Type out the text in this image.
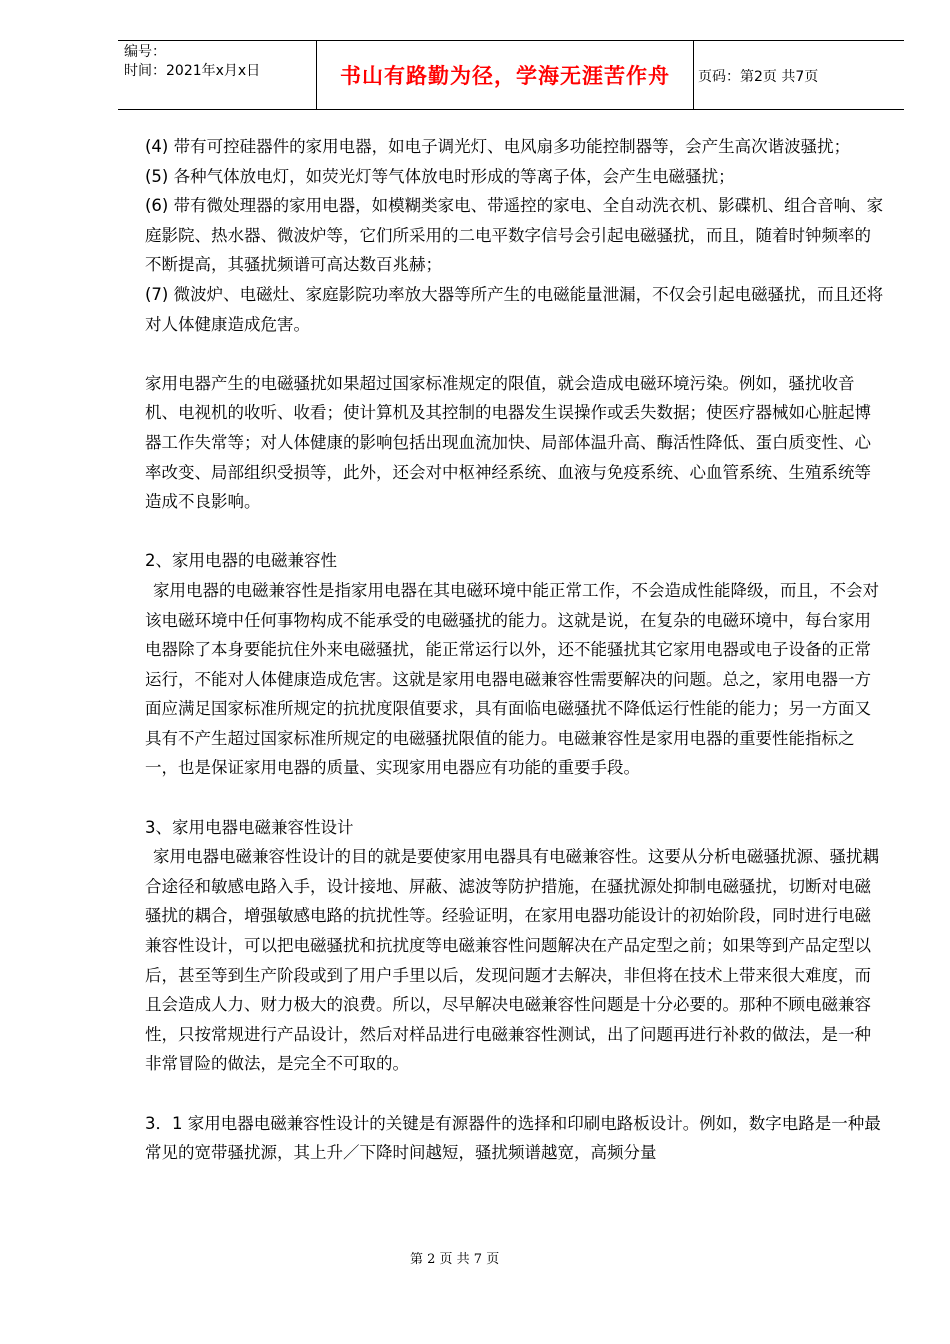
编号：
时间：2021年x月x日	书山有路勤为径，学海无涯苦作舟	页码：第2页 共7页

(4) 带有可控硅器件的家用电器，如电子调光灯、电风扇多功能控制器等，会产生高次谐波骚扰；

(5) 各种气体放电灯，如荧光灯等气体放电时形成的等离子体，会产生电磁骚扰；

(6) 带有微处理器的家用电器，如模糊类家电、带遥控的家电、全自动洗衣机、影碟机、组合音响、家庭影院、热水器、微波炉等，它们所采用的二电平数字信号会引起电磁骚扰，而且，随着时钟频率的不断提高，其骚扰频谱可高达数百兆赫；

(7) 微波炉、电磁灶、家庭影院功率放大器等所产生的电磁能量泄漏，不仅会引起电磁骚扰，而且还将对人体健康造成危害。

家用电器产生的电磁骚扰如果超过国家标准规定的限值，就会造成电磁环境污染。例如，骚扰收音机、电视机的收听、收看；使计算机及其控制的电器发生误操作或丢失数据；使医疗器械如心脏起博器工作失常等；对人体健康的影响包括出现血流加快、局部体温升高、酶活性降低、蛋白质变性、心率改变、局部组织受损等，此外，还会对中枢神经系统、血液与免疫系统、心血管系统、生殖系统等造成不良影响。

2、家用电器的电磁兼容性

家用电器的电磁兼容性是指家用电器在其电磁环境中能正常工作，不会造成性能降级，而且，不会对该电磁环境中任何事物构成不能承受的电磁骚扰的能力。这就是说，在复杂的电磁环境中，每台家用电器除了本身要能抗住外来电磁骚扰，能正常运行以外，还不能骚扰其它家用电器或电子设备的正常运行，不能对人体健康造成危害。这就是家用电器电磁兼容性需要解决的问题。总之，家用电器一方面应满足国家标准所规定的抗扰度限值要求，具有面临电磁骚扰不降低运行性能的能力；另一方面又具有不产生超过国家标准所规定的电磁骚扰限值的能力。电磁兼容性是家用电器的重要性能指标之一，也是保证家用电器的质量、实现家用电器应有功能的重要手段。

3、家用电器电磁兼容性设计

家用电器电磁兼容性设计的目的就是要使家用电器具有电磁兼容性。这要从分析电磁骚扰源、骚扰耦合途径和敏感电路入手，设计接地、屏蔽、滤波等防护措施，在骚扰源处抑制电磁骚扰，切断对电磁骚扰的耦合，增强敏感电路的抗扰性等。经验证明，在家用电器功能设计的初始阶段，同时进行电磁兼容性设计，可以把电磁骚扰和抗扰度等电磁兼容性问题解决在产品定型之前；如果等到产品定型以后，甚至等到生产阶段或到了用户手里以后，发现问题才去解决，非但将在技术上带来很大难度，而且会造成人力、财力极大的浪费。所以，尽早解决电磁兼容性问题是十分必要的。那种不顾电磁兼容性，只按常规进行产品设计，然后对样品进行电磁兼容性测试，出了问题再进行补救的做法，是一种非常冒险的做法，是完全不可取的。

3．1 家用电器电磁兼容性设计的关键是有源器件的选择和印刷电路板设计。例如，数字电路是一种最常见的宽带骚扰源，其上升／下降时间越短，骚扰频谱越宽，高频分量

第 2 页 共 7 页
